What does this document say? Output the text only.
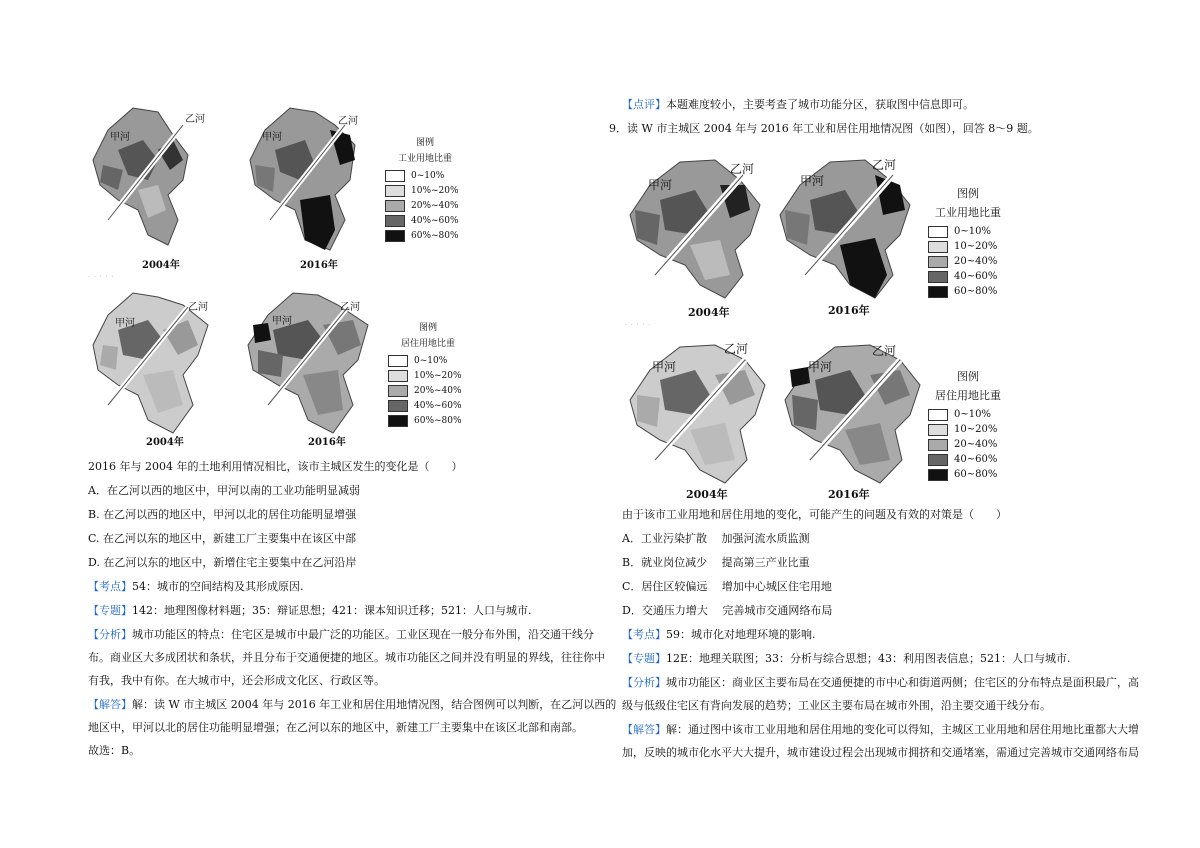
甲河
乙河
2004年
甲河
乙河
2016年
图例
工业用地比重
0~10%
10%~20%
20%~40%
40%~60%
60%~80%
. . . . .
甲河
乙河
2004年
甲河
乙河
2016年
图例
居住用地比重
0~10%
10%~20%
20%~40%
40%~60%
60%~80%
2016 年与 2004 年的土地利用情况相比，该市主城区发生的变化是（　　）
A．在乙河以西的地区中，甲河以南的工业功能明显减弱
B. 在乙河以西的地区中，甲河以北的居住功能明显增强
C. 在乙河以东的地区中，新建工厂主要集中在该区中部
D. 在乙河以东的地区中，新增住宅主要集中在乙河沿岸
【考点】54：城市的空间结构及其形成原因.
【专题】142：地理图像材料题；35：辩证思想；421：课本知识迁移；521：人口与城市.
【分析】城市功能区的特点：住宅区是城市中最广泛的功能区。工业区现在一般分布外围，沿交通干线分
布。商业区大多成团状和条状，并且分布于交通便捷的地区。城市功能区之间并没有明显的界线，往往你中
有我，我中有你。在大城市中，还会形成文化区、行政区等。
【解答】解：读 W 市主城区 2004 年与 2016 年工业和居住用地情况图，结合图例可以判断，在乙河以西的
地区中，甲河以北的居住功能明显增强；在乙河以东的地区中，新建工厂主要集中在该区北部和南部。
故选：B。
【点评】本题难度较小，主要考查了城市功能分区，获取图中信息即可。
9．读 W 市主城区 2004 年与 2016 年工业和居住用地情况图（如图），回答 8～9 题。
甲河
乙河
2004年
甲河
乙河
2016年
图例
工业用地比重
0~10%
10~20%
20~40%
40~60%
60~80%
. . . . .
甲河
乙河
2004年
甲河
乙河
2016年
图例
居住用地比重
0~10%
10~20%
20~40%
40~60%
60~80%
由于该市工业用地和居住用地的变化，可能产生的问题及有效的对策是（　　）
A．工业污染扩散　 加强河流水质监测
B．就业岗位减少　 提高第三产业比重
C．居住区较偏远　 增加中心城区住宅用地
D．交通压力增大　 完善城市交通网络布局
【考点】59：城市化对地理环境的影响.
【专题】12E：地理关联图；33：分析与综合思想；43：利用图表信息；521：人口与城市.
【分析】城市功能区：商业区主要布局在交通便捷的市中心和街道两侧；住宅区的分布特点是面积最广，高
级与低级住宅区有背向发展的趋势；工业区主要布局在城市外围，沿主要交通干线分布。
【解答】解：通过图中该市工业用地和居住用地的变化可以得知，主城区工业用地和居住用地比重都大大增
加，反映的城市化水平大大提升，城市建设过程会出现城市拥挤和交通堵塞，需通过完善城市交通网络布局
